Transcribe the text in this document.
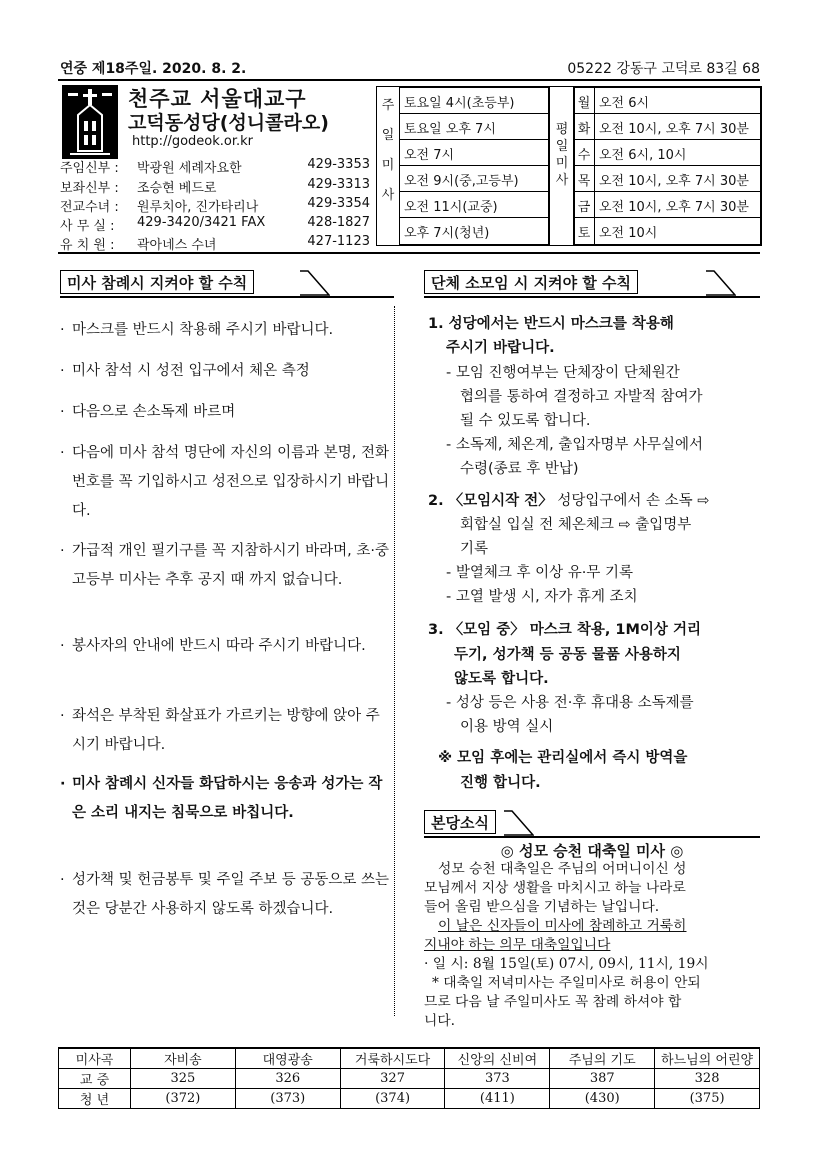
연중 제18주일. 2020. 8. 2.	05222 강동구 고덕로 83길 68
천주교 서울대교구
고덕동성당(성니콜라오)
http://godeok.or.kr
주임신부 : 박광원 세례자요한	429-3353
보좌신부 : 조승현 베드로	429-3313
전교수녀 : 원루치아, 진가타리나	429-3354
사 무 실 : 429-3420/3421 FAX	428-1827
유 치 원 : 곽아네스 수녀	427-1123
주
일
미
사
토요일 4시(초등부)
토요일 오후 7시
오전 7시
오전 9시(중,고등부)
오전 11시(교중)
오후 7시(청년)
평
일
미
사
월 오전 6시
화 오전 10시, 오후 7시 30분
수 오전 6시, 10시
목 오전 10시, 오후 7시 30분
금 오전 10시, 오후 7시 30분
토 오전 10시
미사 참례시 지켜야 할 수칙
· 마스크를 반드시 착용해 주시기 바랍니다.
· 미사 참석 시 성전 입구에서 체온 측정
· 다음으로 손소독제 바르며
· 다음에 미사 참석 명단에 자신의 이름과 본명, 전화번호를 꼭 기입하시고 성전으로 입장하시기 바랍니다.
· 가급적 개인 필기구를 꼭 지참하시기 바라며, 초·중고등부 미사는 추후 공지 때 까지 없습니다.
· 봉사자의 안내에 반드시 따라 주시기 바랍니다.
· 좌석은 부착된 화살표가 가르키는 방향에 앉아 주시기 바랍니다.
· 미사 참례시 신자들 화답하시는 응송과 성가는 작은 소리 내지는 침묵으로 바칩니다.
· 성가책 및 헌금봉투 및 주일 주보 등 공동으로 쓰는 것은 당분간 사용하지 않도록 하겠습니다.
단체 소모임 시 지켜야 할 수칙
1. 성당에서는 반드시 마스크를 착용해
주시기 바랍니다.
- 모임 진행여부는 단체장이 단체원간
협의를 통하여 결정하고 자발적 참여가
될 수 있도록 합니다.
- 소독제, 체온계, 출입자명부 사무실에서
수령(종료 후 반납)
2. 〈모임시작 전〉 성당입구에서 손 소독 ⇨
회합실 입실 전 체온체크 ⇨ 출입명부
기록
- 발열체크 후 이상 유·무 기록
- 고열 발생 시, 자가 휴게 조치
3. 〈모임 중〉 마스크 착용, 1M이상 거리
두기, 성가책 등 공동 물품 사용하지
않도록 합니다.
- 성상 등은 사용 전·후 휴대용 소독제를
이용 방역 실시
※ 모임 후에는 관리실에서 즉시 방역을
진행 합니다.
본당소식
◎ 성모 승천 대축일 미사 ◎
성모 승천 대축일은 주님의 어머니이신 성
모님께서 지상 생활을 마치시고 하늘 나라로
들어 올림 받으심을 기념하는 날입니다.
이 날은 신자들이 미사에 참례하고 거룩히
지내야 하는 의무 대축일입니다
· 일 시: 8월 15일(토) 07시, 09시, 11시, 19시
* 대축일 저녁미사는 주일미사로 허용이 안되
므로 다음 날 주일미사도 꼭 참례 하셔야 합
니다.
미사곡	자비송	대영광송	거룩하시도다	신앙의 신비여	주님의 기도	하느님의 어린양
교 중	325	326	327	373	387	328
청 년	(372)	(373)	(374)	(411)	(430)	(375)
